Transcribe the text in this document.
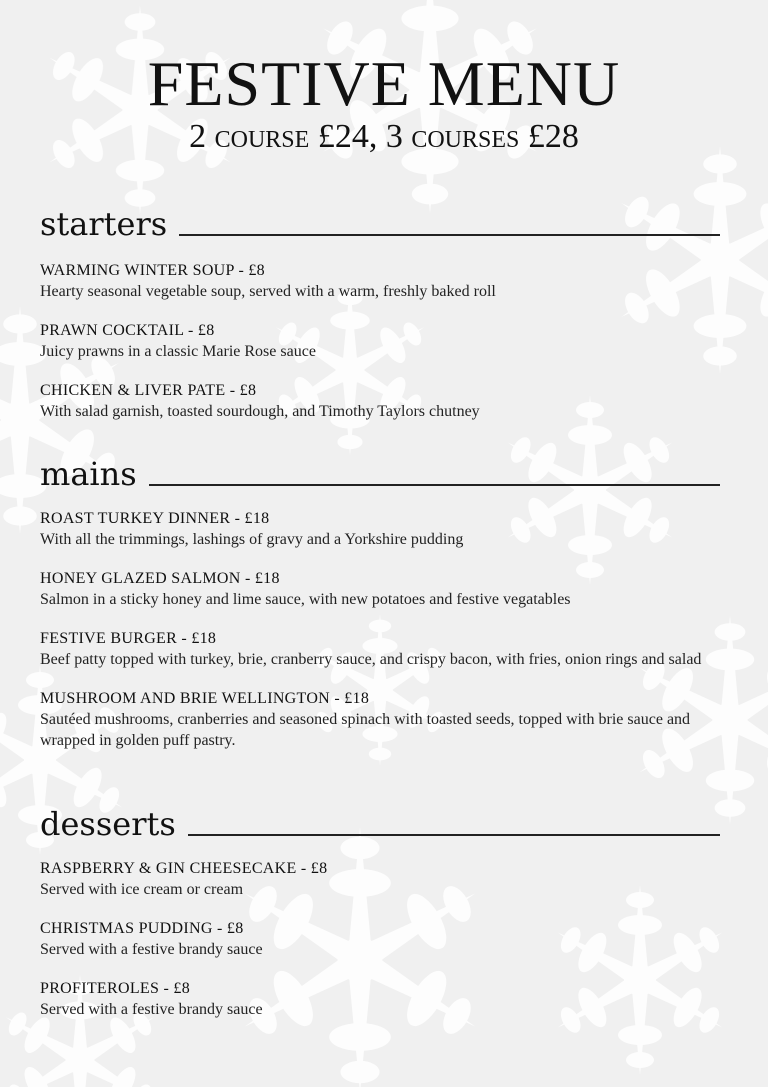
FESTIVE MENU
2 course £24, 3 courses £28
starters
WARMING WINTER SOUP - £8
Hearty seasonal vegetable soup, served with a warm, freshly baked roll
PRAWN COCKTAIL - £8
Juicy prawns in a classic Marie Rose sauce
CHICKEN & LIVER PATE - £8
With salad garnish, toasted sourdough, and Timothy Taylors chutney
mains
ROAST TURKEY DINNER - £18
With all the trimmings, lashings of gravy and a Yorkshire pudding
HONEY GLAZED SALMON - £18
Salmon in a sticky honey and lime sauce, with new potatoes and festive vegatables
FESTIVE BURGER - £18
Beef patty topped with turkey, brie, cranberry sauce, and crispy bacon, with fries, onion rings and salad
MUSHROOM AND BRIE WELLINGTON - £18
Sautéed mushrooms, cranberries and seasoned spinach with toasted seeds, topped with brie sauce and wrapped in golden puff pastry.
desserts
RASPBERRY & GIN CHEESECAKE - £8
Served with ice cream or cream
CHRISTMAS PUDDING - £8
Served with a festive brandy sauce
PROFITEROLES - £8
Served with a festive brandy sauce
